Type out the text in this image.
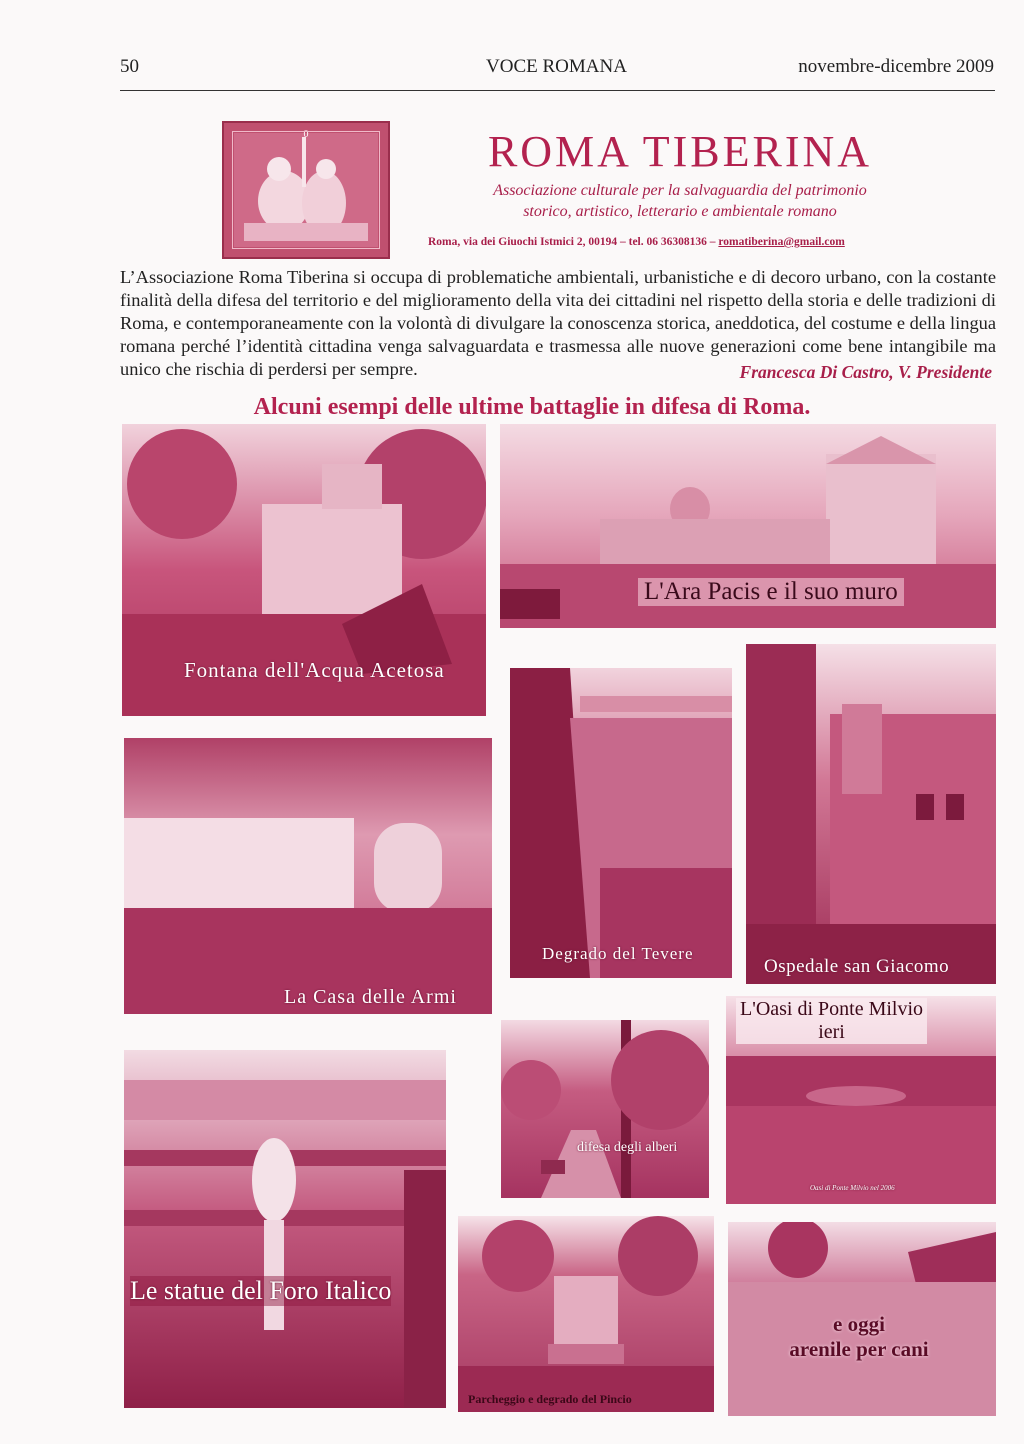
50	VOCE ROMANA	novembre-dicembre 2009
0	ROMA TIBERINA
Associazione culturale per la salvaguardia del patrimonio
storico, artistico, letterario e ambientale romano
Roma, via dei Giuochi Istmici 2, 00194 – tel. 06 36308136 – romatiberina@gmail.com
L’Associazione Roma Tiberina si occupa di problematiche ambientali, urbanistiche e di decoro urbano, con la costante finalità della difesa del territorio e del miglioramento della vita dei cittadini nel rispetto della storia e delle tradizioni di Roma, e contemporaneamente con la volontà di divulgare la conoscenza storica, aneddotica, del costume e della lingua romana perché l’identità cittadina venga salvaguardata e trasmessa alle nuove generazioni come bene intangibile ma unico che rischia di perdersi per sempre.	Francesca Di Castro, V. Presidente
Alcuni esempi delle ultime battaglie in difesa di Roma.
Fontana dell'Acqua Acetosa
L'Ara Pacis e il suo muro
Degrado del Tevere
Ospedale san Giacomo
La Casa delle Armi
L'Oasi di Ponte Milvio
ieri
Oasi di Ponte Milvio nel 2006
Le statue del Foro Italico
difesa degli alberi
Parcheggio e degrado del Pincio
e oggi
arenile per cani
